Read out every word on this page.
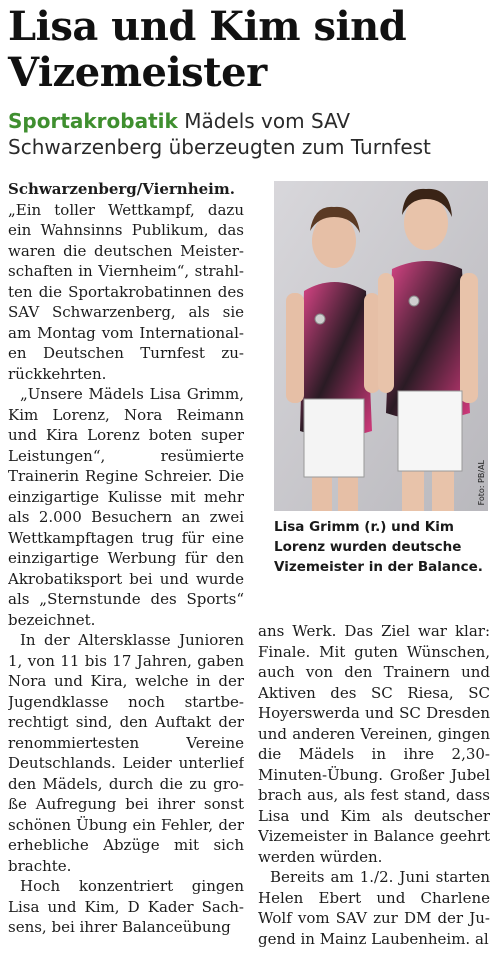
Lisa und Kim sind Vizemeister

Sportakrobatik Mädels vom SAV Schwarzenberg überzeugten zum Turnfest

Schwarzenberg/Viernheim.
„Ein toller Wettkampf, dazu ein Wahnsinns Publikum, das waren die deutschen Meisterschaften in Viernheim“, strahlten die Sportakrobatinnen des SAV Schwarzenberg, als sie am Montag vom Internationalen Deutschen Turnfest zurückkehrten.

„Unsere Mädels Lisa Grimm, Kim Lorenz, Nora Reimann und Kira Lorenz boten super Leistungen“, resümierte Trainerin Regine Schreier. Die einzigartige Kulisse mit mehr als 2.000 Besuchern an zwei Wettkampftagen trug für eine einzigartige Werbung für den Akrobatiksport bei und wurde als „Sternstunde des Sports“ bezeichnet.

In der Altersklasse Junioren 1, von 11 bis 17 Jahren, gaben Nora und Kira, welche in der Jugendklasse noch startberechtigt sind, den Auftakt der renommiertesten Vereine Deutschlands. Leider unterlief den Mädels, durch die zu große Aufregung bei ihrer sonst schönen Übung ein Fehler, der erhebliche Abzüge mit sich brachte.

Hoch konzentriert gingen Lisa und Kim, D Kader Sachsens, bei ihrer Balanceübung

Foto: PB/AL

Lisa Grimm (r.) und Kim Lorenz wurden deutsche Vizemeister in der Balance.

ans Werk. Das Ziel war klar: Finale. Mit guten Wünschen, auch von den Trainern und Aktiven des SC Riesa, SC Hoyerswerda und SC Dresden und anderen Vereinen, gingen die Mädels in ihre 2,30-Minuten-Übung. Großer Jubel brach aus, als fest stand, dass Lisa und Kim als deutscher Vizemeister in Balance geehrt werden würden.

Bereits am 1./2. Juni starten Helen Ebert und Charlene Wolf vom SAV zur DM der Jugend in Mainz Laubenheim. al
